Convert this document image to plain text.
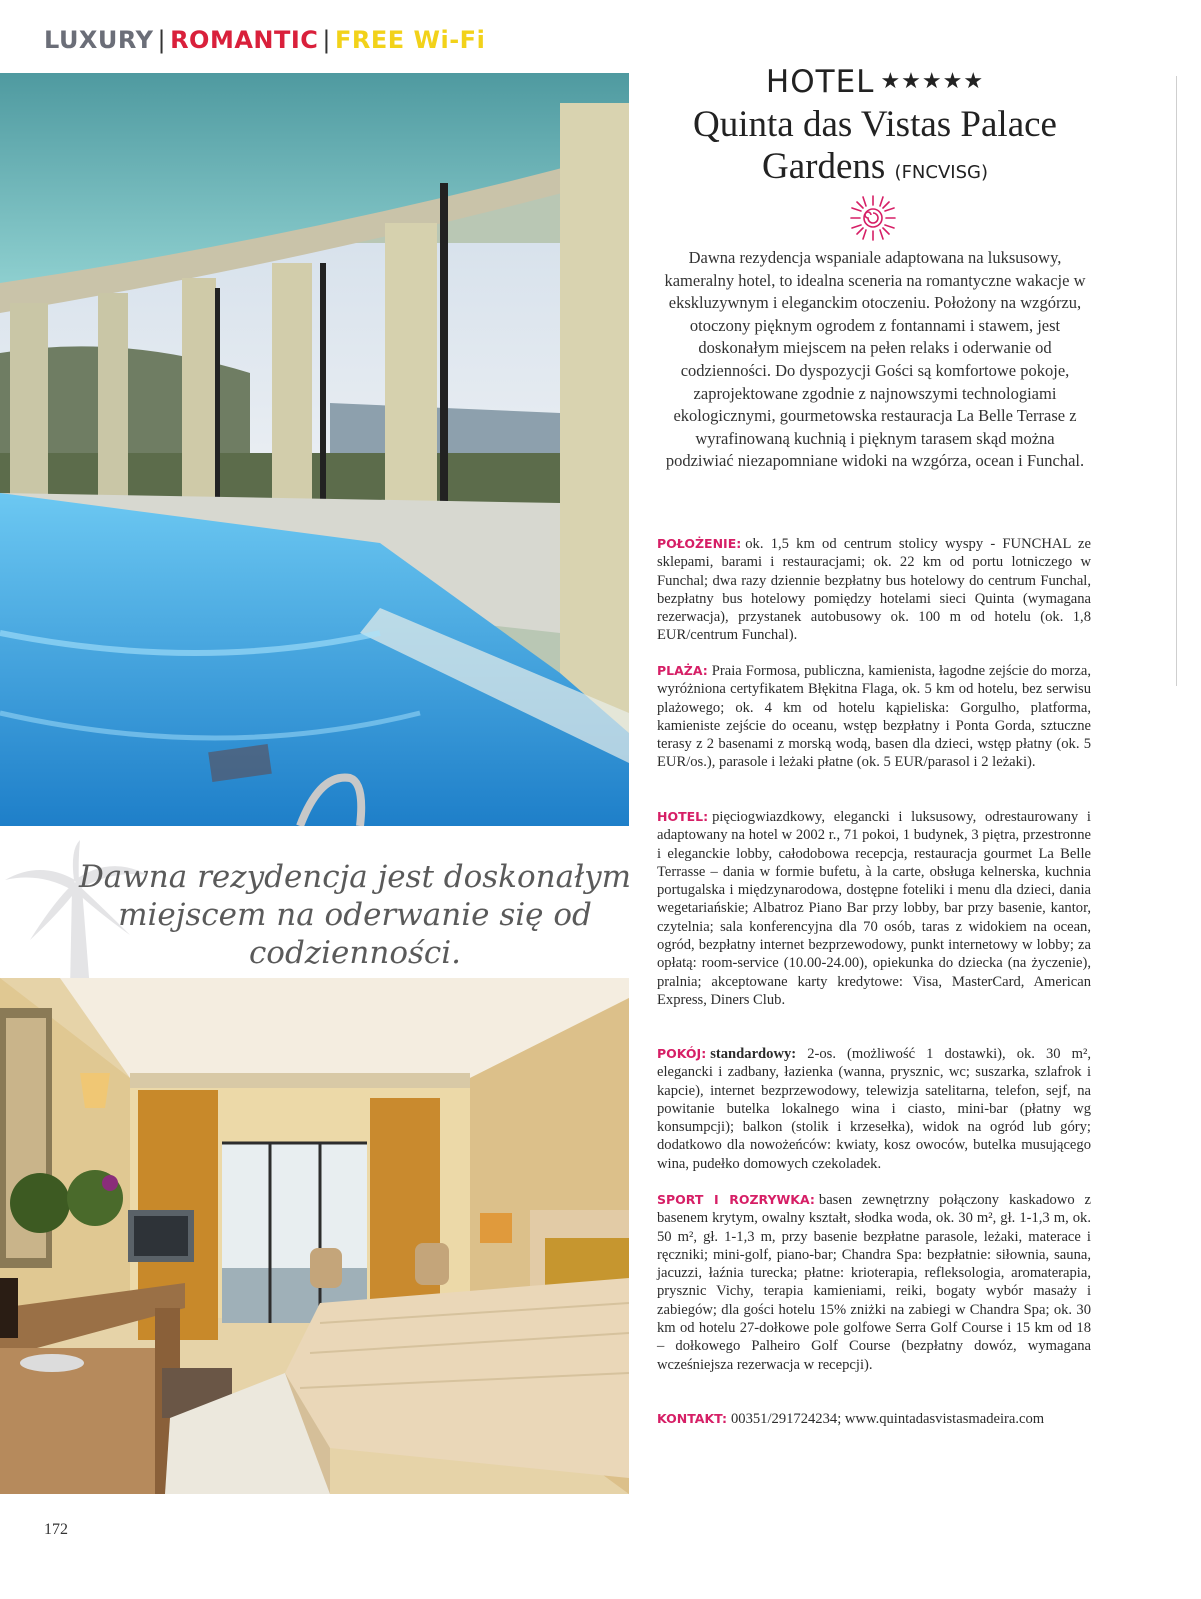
LUXURY | ROMANTIC | FREE Wi-Fi
Dawna rezydencja jest doskonałym miejscem na oderwanie się od codzienności.
HOTEL ★★★★★
Quinta das Vistas Palace Gardens (FNCVISG)
Dawna rezydencja wspaniale adaptowana na luksusowy, kameralny hotel, to idealna sceneria na romantyczne wakacje w ekskluzywnym i eleganckim otoczeniu. Położony na wzgórzu, otoczony pięknym ogrodem z fontannami i stawem, jest doskonałym miejscem na pełen relaks i oderwanie od codzienności. Do dyspozycji Gości są komfortowe pokoje, zaprojektowane zgodnie z najnowszymi technologiami ekologicznymi, gourmetowska restauracja La Belle Terrase z wyrafinowaną kuchnią i pięknym tarasem skąd można podziwiać niezapomniane widoki na wzgórza, ocean i Funchal.
POŁOŻENIE: ok. 1,5 km od centrum stolicy wyspy - FUNCHAL ze sklepami, barami i restauracjami; ok. 22 km od portu lotniczego w Funchal; dwa razy dziennie bezpłatny bus hotelowy do centrum Funchal, bezpłatny bus hotelowy pomiędzy hotelami sieci Quinta (wymagana rezerwacja), przystanek autobusowy ok. 100 m od hotelu (ok. 1,8 EUR/centrum Funchal).
PLAŻA: Praia Formosa, publiczna, kamienista, łagodne zejście do morza, wyróżniona certyfikatem Błękitna Flaga, ok. 5 km od hotelu, bez serwisu plażowego; ok. 4 km od hotelu kąpieliska: Gorgulho, platforma, kamieniste zejście do oceanu, wstęp bezpłatny i Ponta Gorda, sztuczne terasy z 2 basenami z morską wodą, basen dla dzieci, wstęp płatny (ok. 5 EUR/os.), parasole i leżaki płatne (ok. 5 EUR/parasol i 2 leżaki).
HOTEL: pięciogwiazdkowy, elegancki i luksusowy, odrestaurowany i adaptowany na hotel w 2002 r., 71 pokoi, 1 budynek, 3 piętra, przestronne i eleganckie lobby, całodobowa recepcja, restauracja gourmet La Belle Terrasse – dania w formie bufetu, à la carte, obsługa kelnerska, kuchnia portugalska i międzynarodowa, dostępne foteliki i menu dla dzieci, dania wegetariańskie; Albatroz Piano Bar przy lobby, bar przy basenie, kantor, czytelnia; sala konferencyjna dla 70 osób, taras z widokiem na ocean, ogród, bezpłatny internet bezprzewodowy, punkt internetowy w lobby; za opłatą: room-service (10.00-24.00), opiekunka do dziecka (na życzenie), pralnia; akceptowane karty kredytowe: Visa, MasterCard, American Express, Diners Club.
POKÓJ: standardowy: 2-os. (możliwość 1 dostawki), ok. 30 m², elegancki i zadbany, łazienka (wanna, prysznic, wc; suszarka, szlafrok i kapcie), internet bezprzewodowy, telewizja satelitarna, telefon, sejf, na powitanie butelka lokalnego wina i ciasto, mini-bar (płatny wg konsumpcji); balkon (stolik i krzesełka), widok na ogród lub góry; dodatkowo dla nowożeńców: kwiaty, kosz owoców, butelka musującego wina, pudełko domowych czekoladek.
SPORT I ROZRYWKA: basen zewnętrzny połączony kaskadowo z basenem krytym, owalny kształt, słodka woda, ok. 30 m², gł. 1-1,3 m, ok. 50 m², gł. 1-1,3 m, przy basenie bezpłatne parasole, leżaki, materace i ręczniki; mini-golf, piano-bar; Chandra Spa: bezpłatnie: siłownia, sauna, jacuzzi, łaźnia turecka; płatne: krioterapia, refleksologia, aromaterapia, prysznic Vichy, terapia kamieniami, reiki, bogaty wybór masaży i zabiegów; dla gości hotelu 15% zniżki na zabiegi w Chandra Spa; ok. 30 km od hotelu 27-dołkowe pole golfowe Serra Golf Course i 15 km od 18 – dołkowego Palheiro Golf Course (bezpłatny dowóz, wymagana wcześniejsza rezerwacja w recepcji).
KONTAKT: 00351/291724234; www.quintadasvistasmadeira.com
172
